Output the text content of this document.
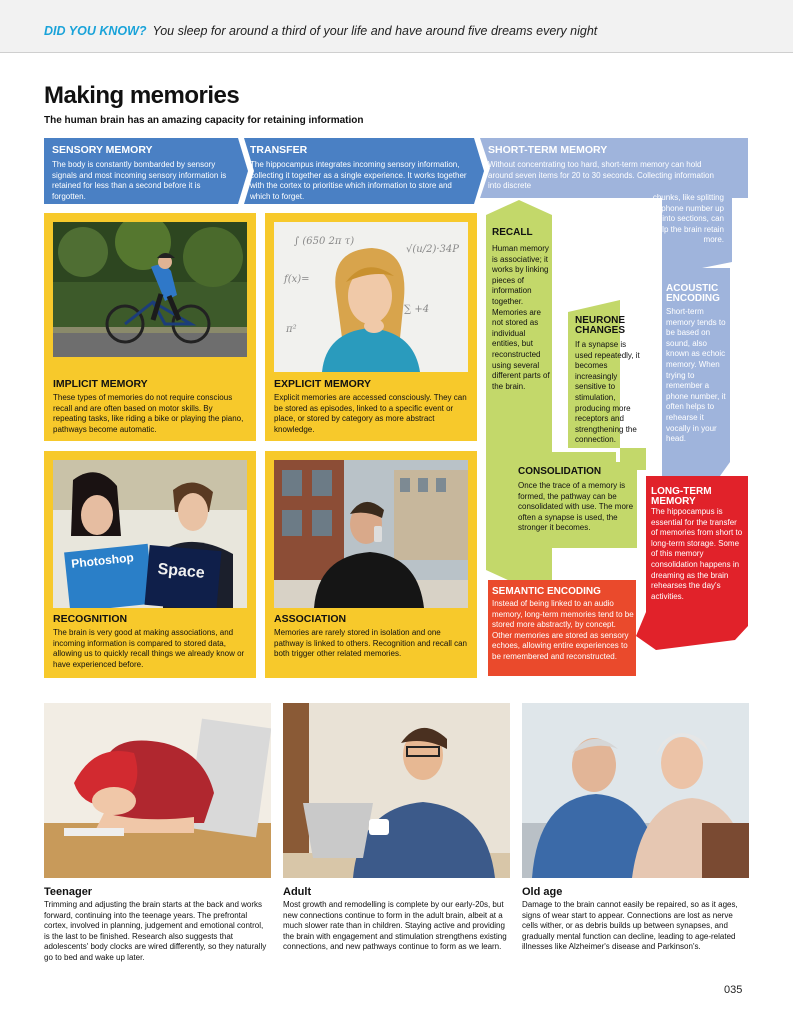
DID YOU KNOW? You sleep for around a third of your life and have around five dreams every night
Making memories
The human brain has an amazing capacity for retaining information
SENSORY MEMORY
The body is constantly bombarded by sensory signals and most incoming sensory information is retained for less than a second before it is forgotten.
TRANSFER
The hippocampus integrates incoming sensory information, collecting it together as a single experience. It works together with the cortex to prioritise which information to store and which to forget.
SHORT-TERM MEMORY
Without concentrating too hard, short-term memory can hold around seven items for 20 to 30 seconds. Collecting information into discrete
chunks, like splitting a phone number up into sections, can help the brain retain more.
IMPLICIT MEMORY

These types of memories do not require conscious recall and are often based on motor skills. By repeating tasks, like riding a bike or playing the piano, pathways become automatic.

∫ (650 2π τ)
f(x)=
√(u/2)·34P
∑ +4
π²
EXPLICIT MEMORY

Explicit memories are accessed consciously. They can be stored as episodes, linked to a specific event or place, or stored by category as more abstract knowledge.

Photoshop
Space
RECOGNITION

The brain is very good at making associations, and incoming information is compared to stored data, allowing us to quickly recall things we already know or have experienced before.

ASSOCIATION

Memories are rarely stored in isolation and one pathway is linked to others. Recognition and recall can both trigger other related memories.

RECALL
Human memory is associative; it works by linking pieces of information together. Memories are not stored as individual entities, but reconstructed using several different parts of the brain.
NEURONE CHANGES
If a synapse is used repeatedly, it becomes increasingly sensitive to stimulation, producing more receptors and strengthening the connection.
ACOUSTIC ENCODING
Short-term memory tends to be based on sound, also known as echoic memory. When trying to remember a phone number, it often helps to rehearse it vocally in your head.
CONSOLIDATION
Once the trace of a memory is formed, the pathway can be consolidated with use. The more often a synapse is used, the stronger it becomes.
LONG-TERM MEMORY
The hippocampus is essential for the transfer of memories from short to long-term storage. Some of this memory consolidation happens in dreaming as the brain rehearses the day's activities.
SEMANTIC ENCODING
Instead of being linked to an audio memory, long-term memories tend to be stored more abstractly, by concept. Other memories are stored as sensory echoes, allowing entire experiences to be remembered and reconstructed.
Teenager
Trimming and adjusting the brain starts at the back and works forward, continuing into the teenage years. The prefrontal cortex, involved in planning, judgement and emotional control, is the last to be finished. Research also suggests that adolescents' body clocks are wired differently, so they naturally go to bed and wake up later.
Adult
Most growth and remodelling is complete by our early-20s, but new connections continue to form in the adult brain, albeit at a much slower rate than in children. Staying active and providing the brain with engagement and stimulation strengthens existing connections, and new pathways continue to form as we learn.
Old age
Damage to the brain cannot easily be repaired, so as it ages, signs of wear start to appear. Connections are lost as nerve cells wither, or as debris builds up between synapses, and gradually mental function can decline, leading to age-related illnesses like Alzheimer's disease and Parkinson's.
035
